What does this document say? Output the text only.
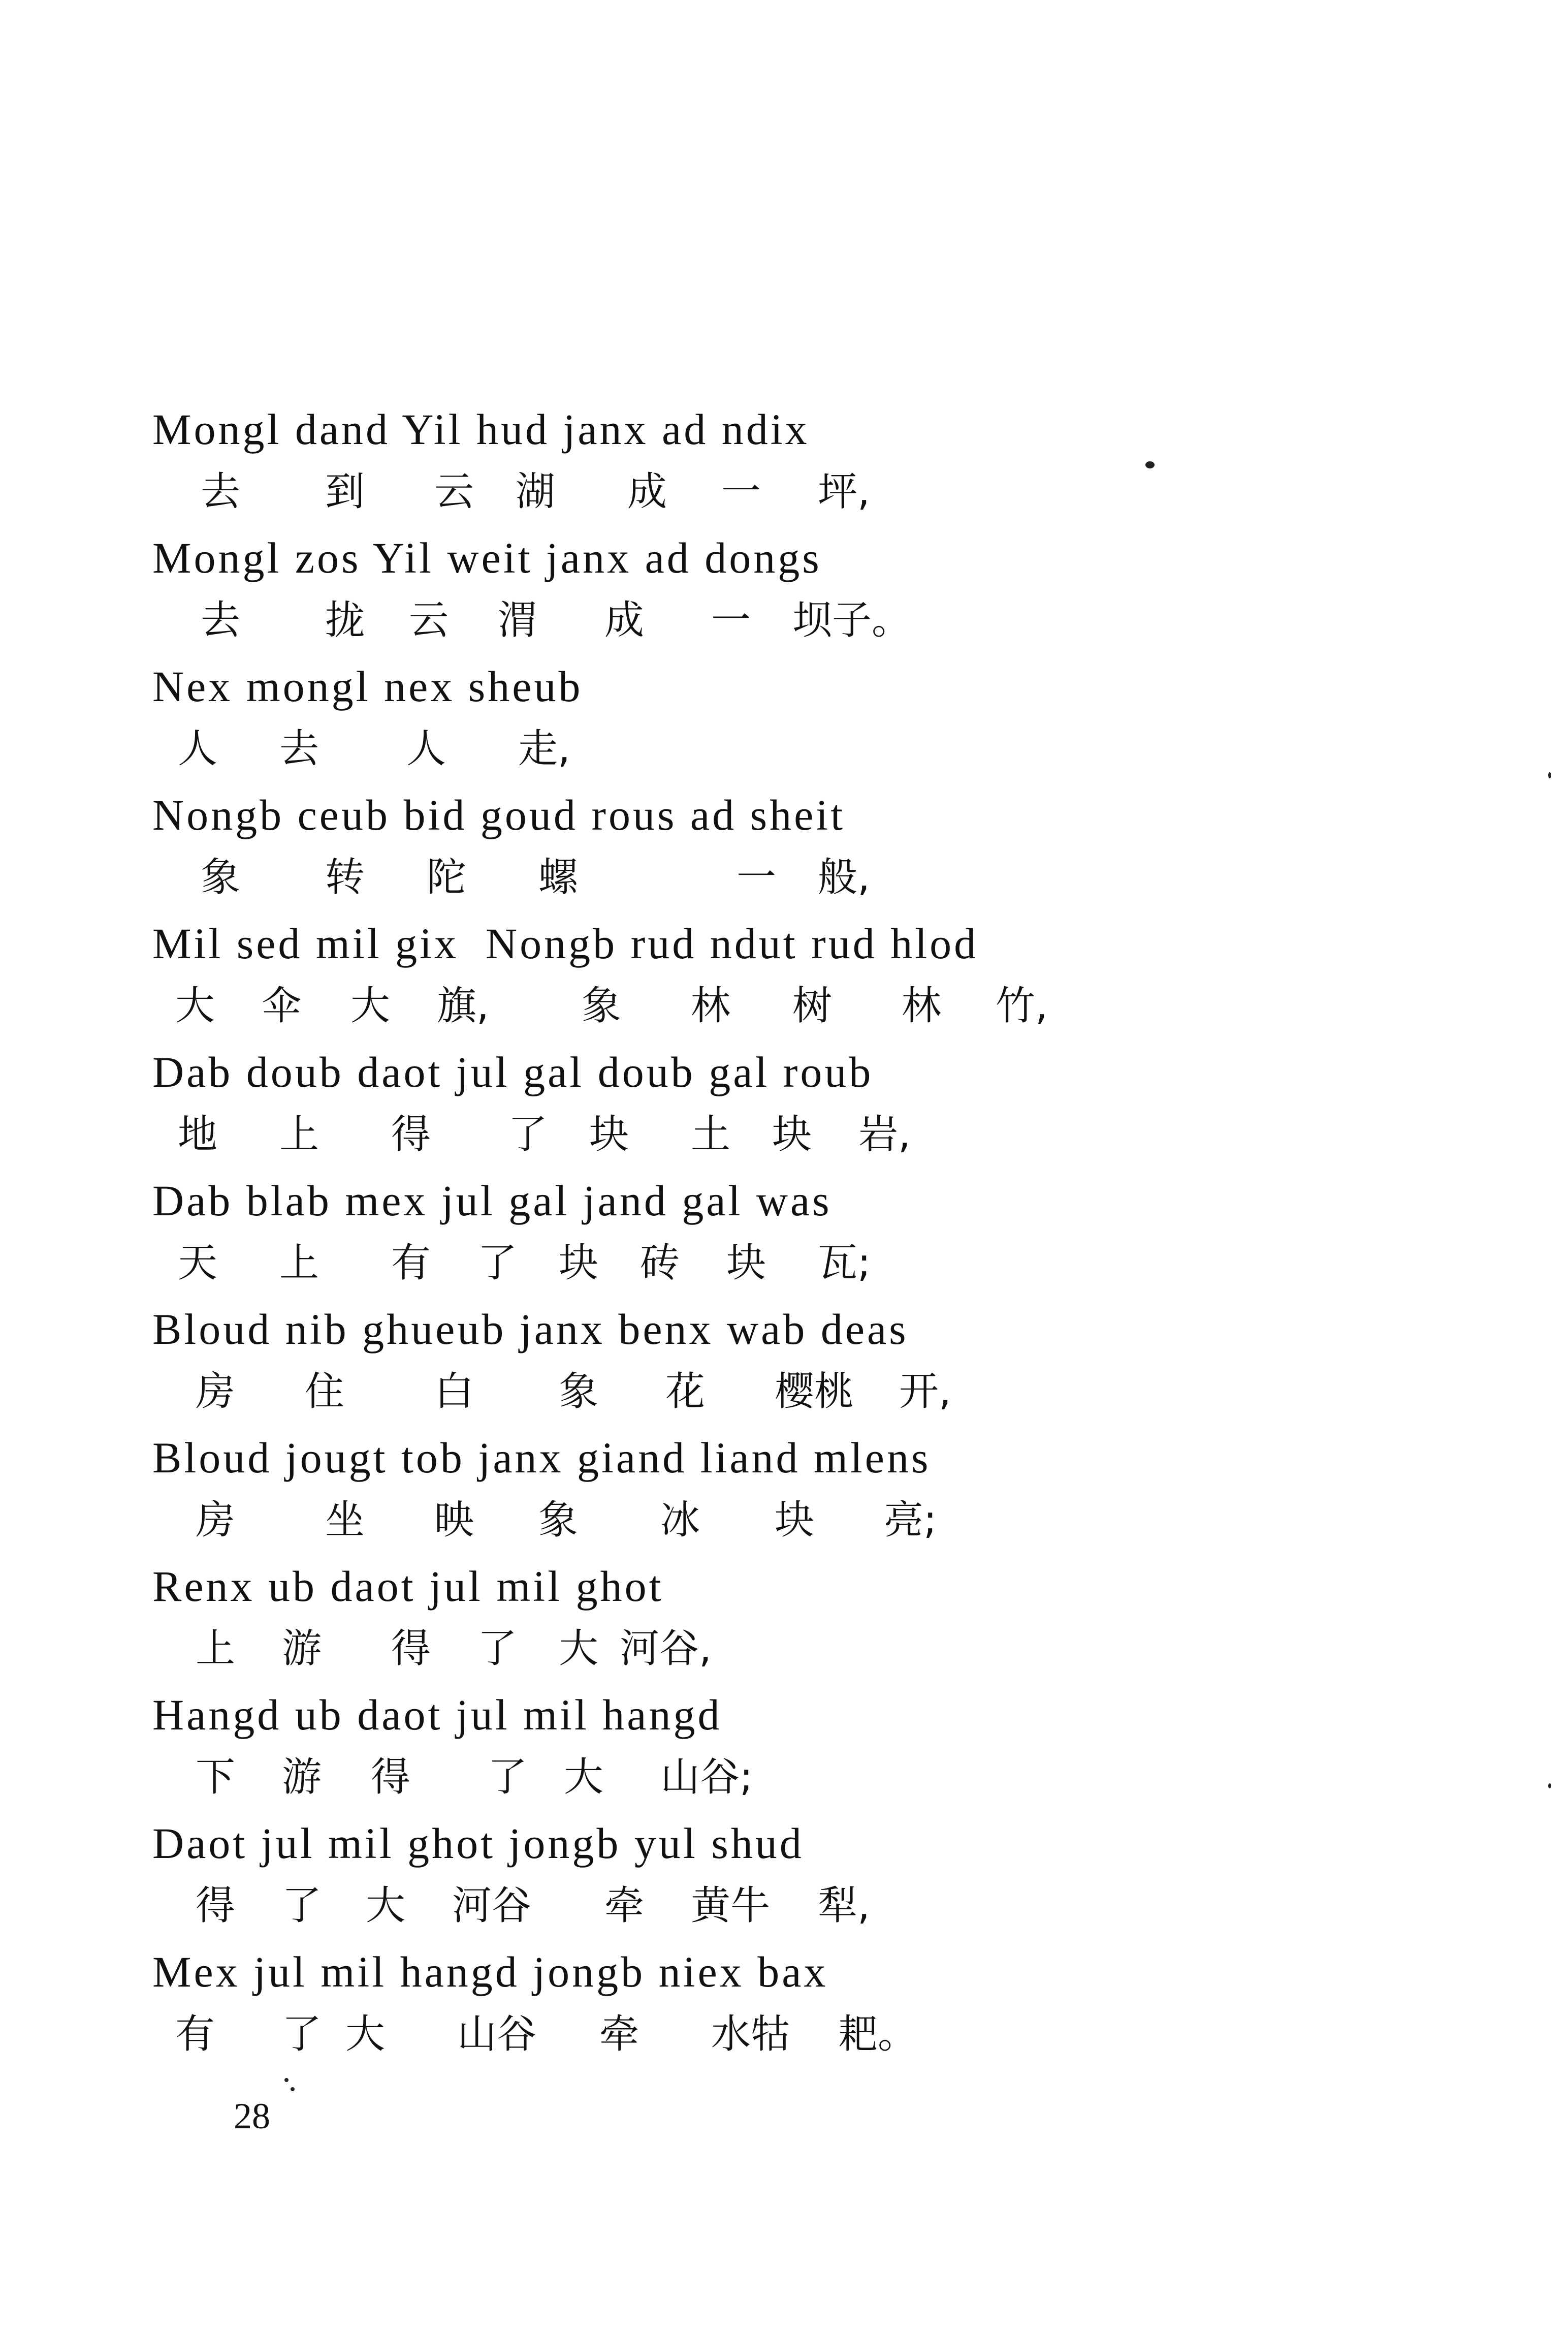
Mongl dand Yil hud janx ad ndix
去 到 云 湖 成 一 坪,
Mongl zos Yil weit janx ad dongs
去 拢 云 渭 成 一 坝子。
Nex mongl nex sheub
人 去 人 走,
Nongb ceub bid goud rous ad sheit
象 转 陀 螺	一 般,
Mil sed mil gix  Nongb rud ndut rud hlod
大 伞 大 旗, 象 林 树 林 竹,
Dab doub daot jul gal doub gal roub
地 上 得 了 块 土 块 岩,
Dab blab mex jul gal jand gal was
天 上 有 了 块 砖 块 瓦;
Bloud nib ghueub janx benx wab deas
房 住 白 象 花 樱桃 开,
Bloud jougt tob janx giand liand mlens
房 坐 映 象 冰 块 亮;
Renx ub daot jul mil ghot
上 游 得 了 大 河谷,
Hangd ub daot jul mil hangd
下 游 得 了 大 山谷;
Daot jul mil ghot jongb yul shud
得 了 大 河谷 牵 黄牛 犁,
Mex jul mil hangd jongb niex bax
有 了 大 山谷 牵 水牯 耙。
28
